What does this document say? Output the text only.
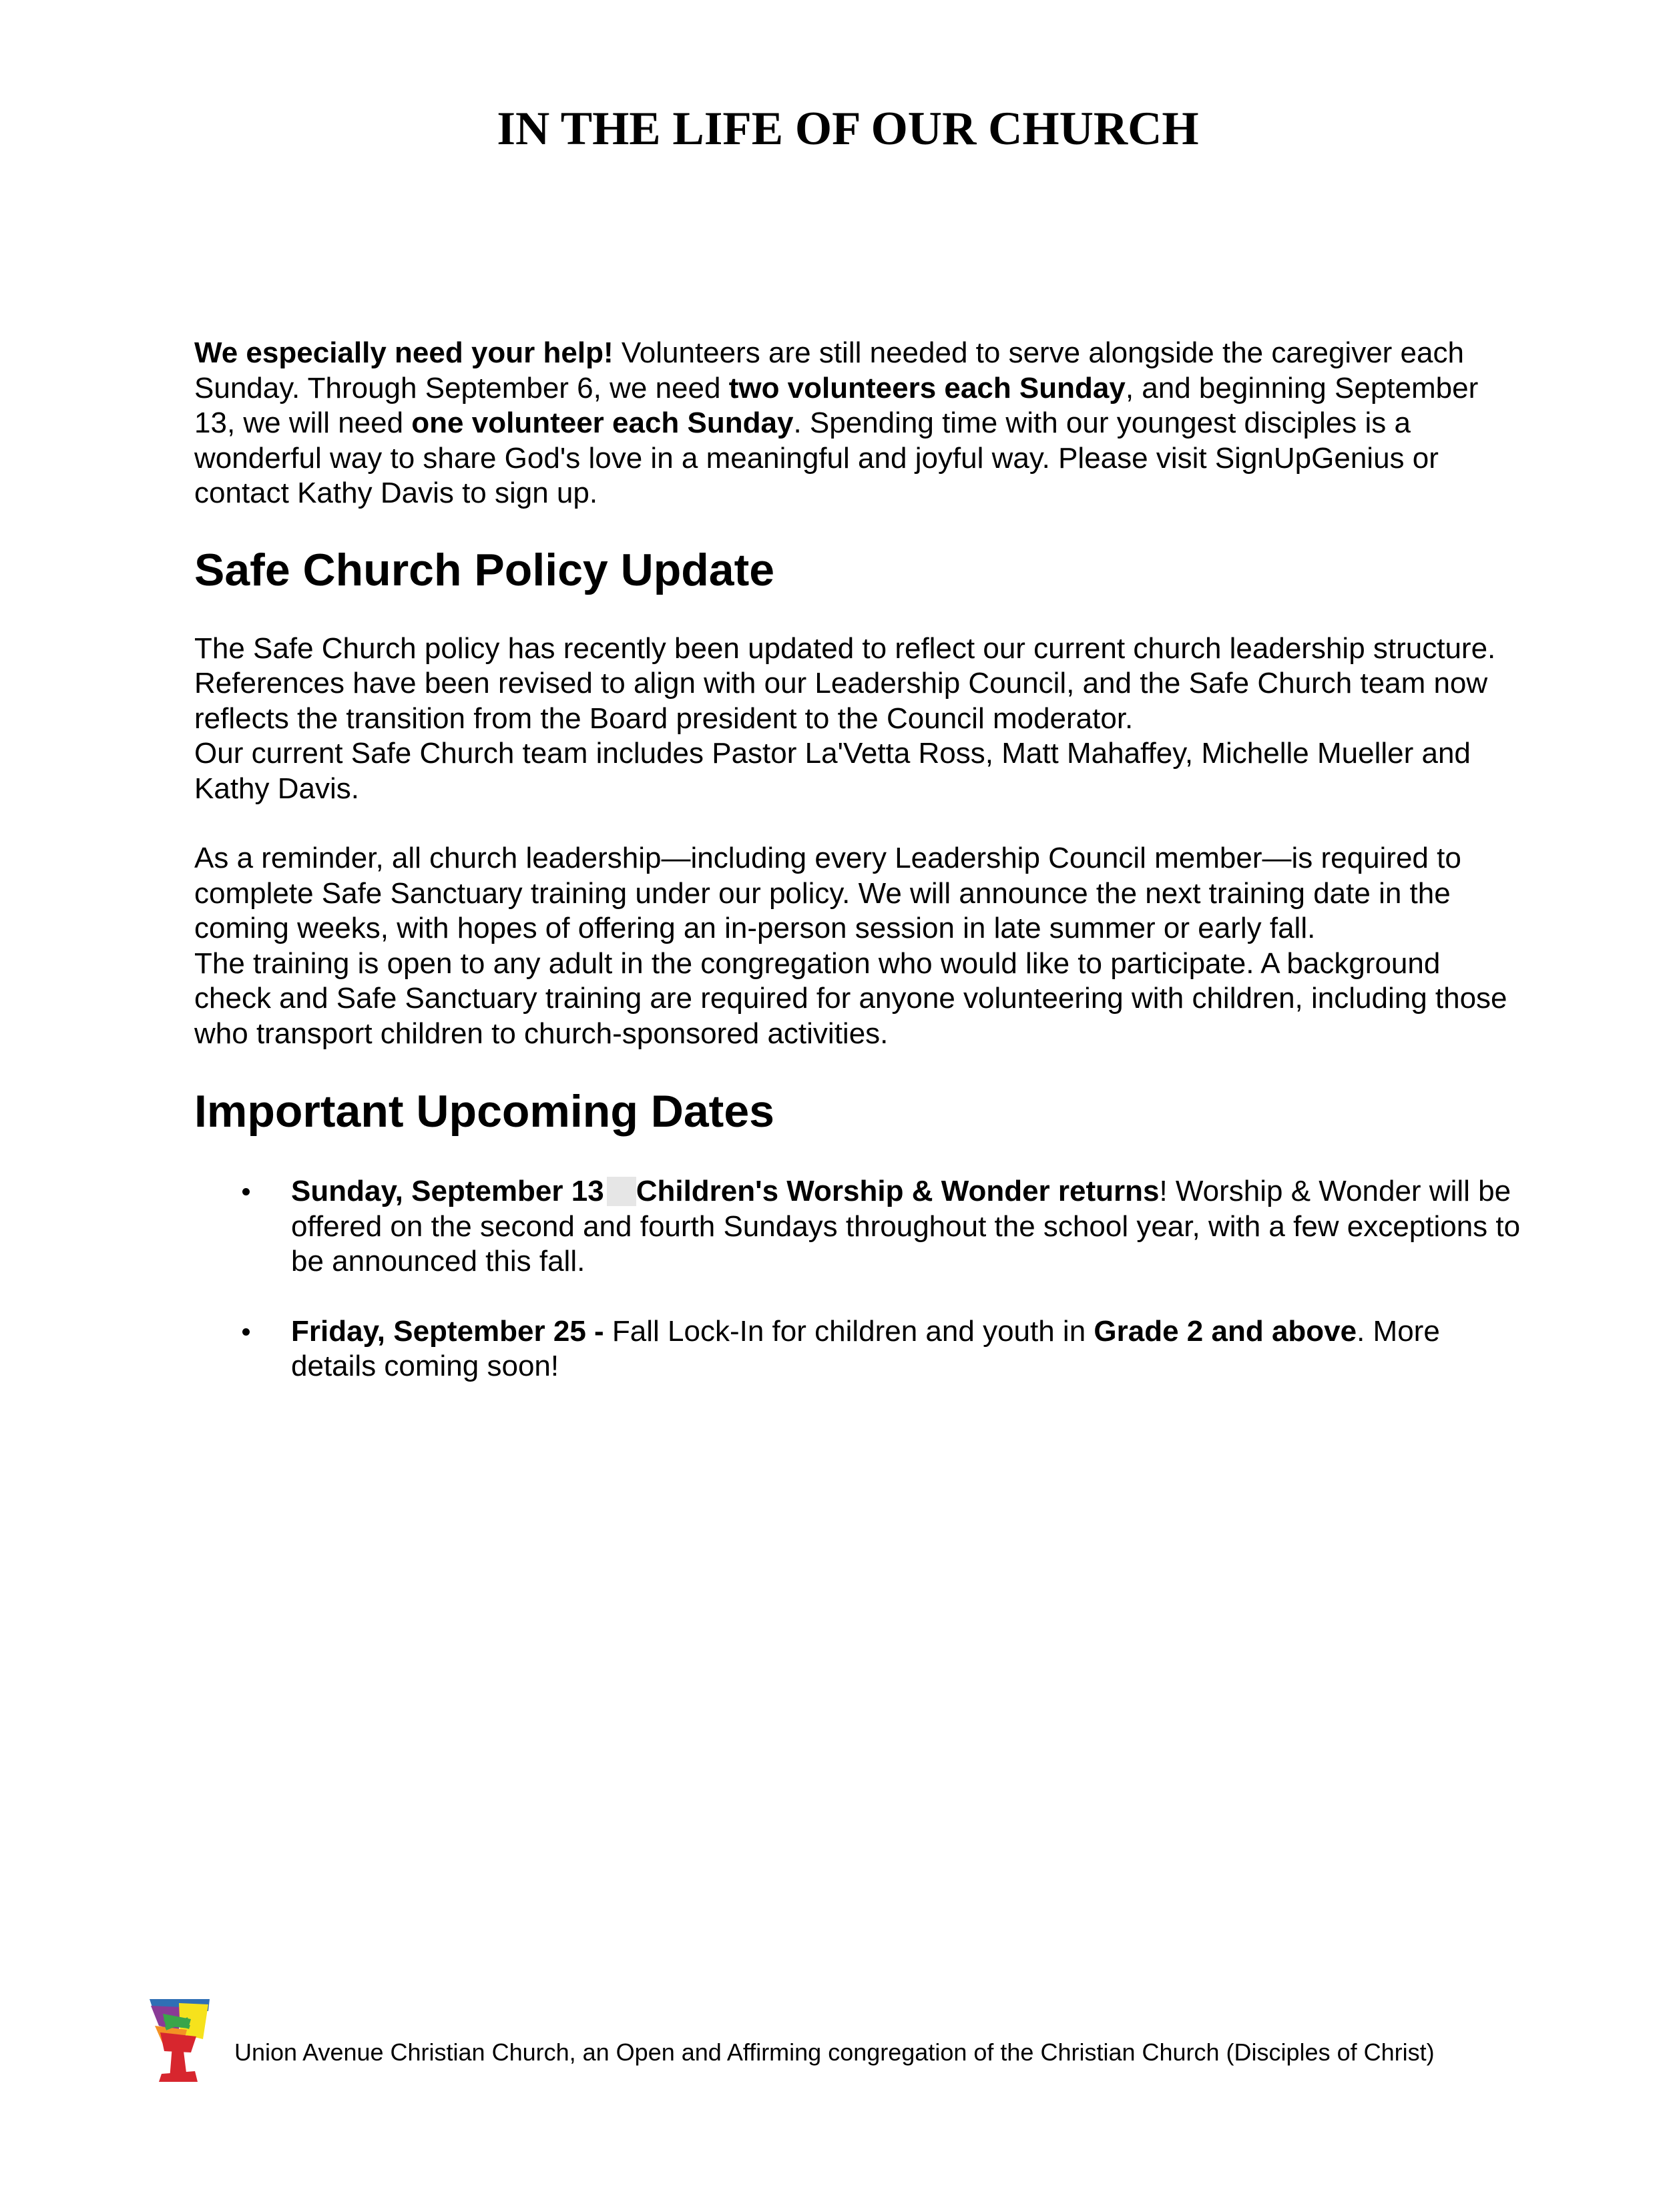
IN THE LIFE OF OUR CHURCH

We especially need your help! Volunteers are still needed to serve alongside the caregiver each Sunday. Through September 6, we need two volunteers each Sunday, and beginning September 13, we will need one volunteer each Sunday. Spending time with our youngest disciples is a wonderful way to share God's love in a meaningful and joyful way. Please visit SignUpGenius or contact Kathy Davis to sign up.

Safe Church Policy Update

The Safe Church policy has recently been updated to reflect our current church leadership structure. References have been revised to align with our Leadership Council, and the Safe Church team now reflects the transition from the Board president to the Council moderator.

Our current Safe Church team includes Pastor La'Vetta Ross, Matt Mahaffey, Michelle Mueller and Kathy Davis.

As a reminder, all church leadership—including every Leadership Council member—is required to complete Safe Sanctuary training under our policy. We will announce the next training date in the coming weeks, with hopes of offering an in-person session in late summer or early fall.

The training is open to any adult in the congregation who would like to participate. A background check and Safe Sanctuary training are required for anyone volunteering with children, including those who transport children to church-sponsored activities.

Important Upcoming Dates
Sunday, September 13 Children's Worship & Wonder returns! Worship & Wonder will be offered on the second and fourth Sundays throughout the school year, with a few exceptions to be announced this fall.
Friday, September 25 - Fall Lock-In for children and youth in Grade 2 and above. More details coming soon!

Union Avenue Christian Church, an Open and Affirming congregation of the Christian Church (Disciples of Christ)
